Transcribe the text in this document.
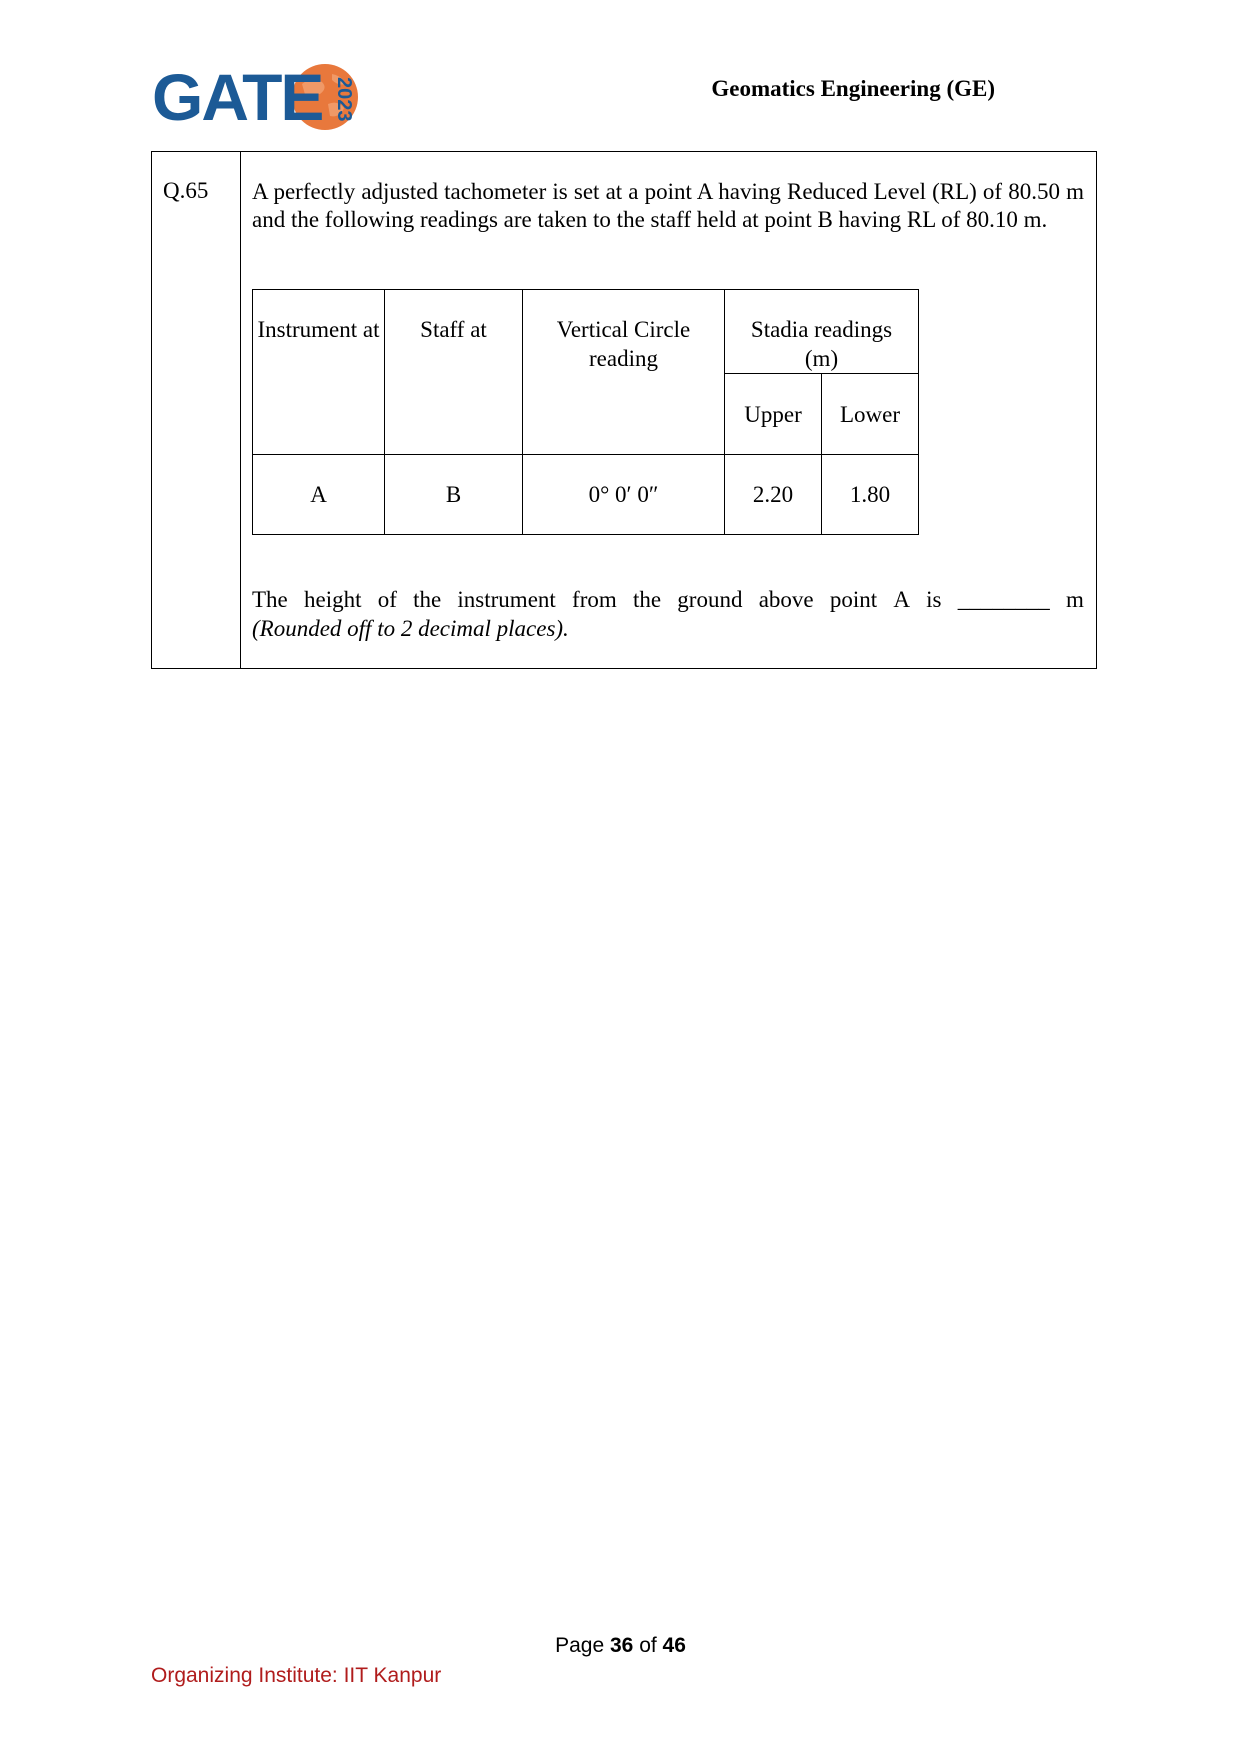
GATE 2023	Geomatics Engineering (GE)
Q.65 A perfectly adjusted tachometer is set at a point A having Reduced Level (RL) of 80.50 m and the following readings are taken to the staff held at point B having RL of 80.10 m.
Instrument at	Staff at	Vertical Circle reading	Stadia readings (m)	
			Upper	Lower
A	B	0° 0′ 0″	2.20	1.80
The height of the instrument from the ground above point A is ________ m
(Rounded off to 2 decimal places).
Page 36 of 46
Organizing Institute: IIT Kanpur
